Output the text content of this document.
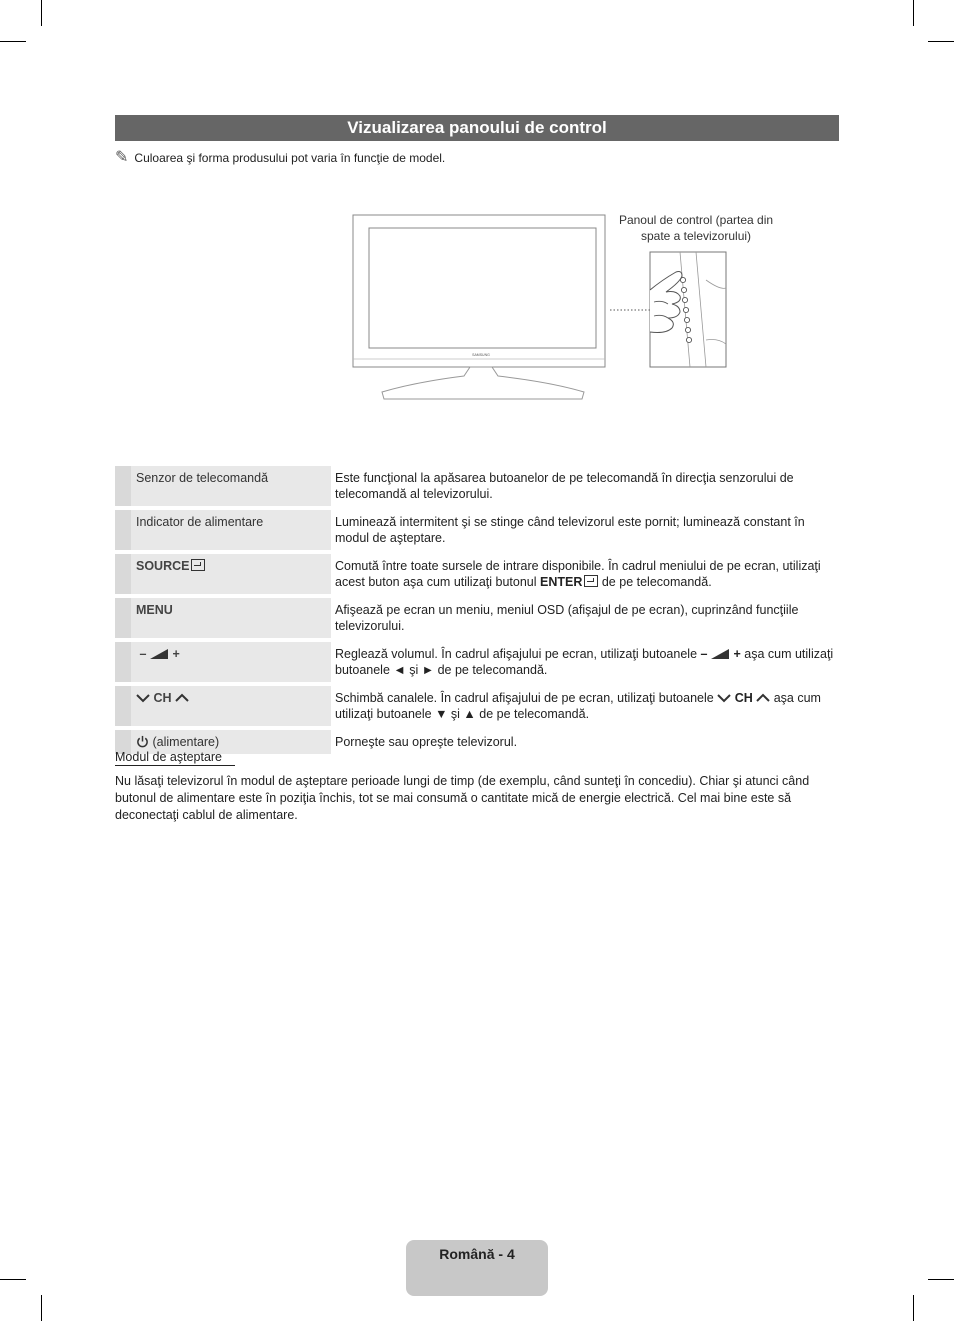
Vizualizarea panoului de control
✎ Culoarea şi forma produsului pot varia în funcţie de model.
SAMSUNG
Panoul de control (partea din spate a televizorului)
	Senzor de telecomandă	Este funcţional la apăsarea butoanelor de pe telecomandă în direcţia senzorului de telecomandă al televizorului.
	Indicator de alimentare	Luminează intermitent şi se stinge când televizorul este pornit; luminează constant în modul de aşteptare.
	SOURCE	Comută între toate sursele de intrare disponibile. În cadrul meniului de pe ecran, utilizaţi acest buton aşa cum utilizaţi butonul ENTER de pe telecomandă.
	MENU	Afişează pe ecran un meniu, meniul OSD (afişajul de pe ecran), cuprinzând funcţiile televizorului.
	– +	Reglează volumul. În cadrul afişajului pe ecran, utilizaţi butoanele – + aşa cum utilizaţi butoanele ◄ şi ► de pe telecomandă.
	CH	Schimbă canalele. În cadrul afişajului de pe ecran, utilizaţi butoanele CH aşa cum utilizaţi butoanele ▼ şi ▲ de pe telecomandă.
	(alimentare)	Porneşte sau opreşte televizorul.
Modul de aşteptare
Nu lăsaţi televizorul în modul de aşteptare perioade lungi de timp (de exemplu, când sunteţi în concediu). Chiar şi atunci când butonul de alimentare este în poziţia închis, tot se mai consumă o cantitate mică de energie electrică. Cel mai bine este să deconectaţi cablul de alimentare.
Română - 4
